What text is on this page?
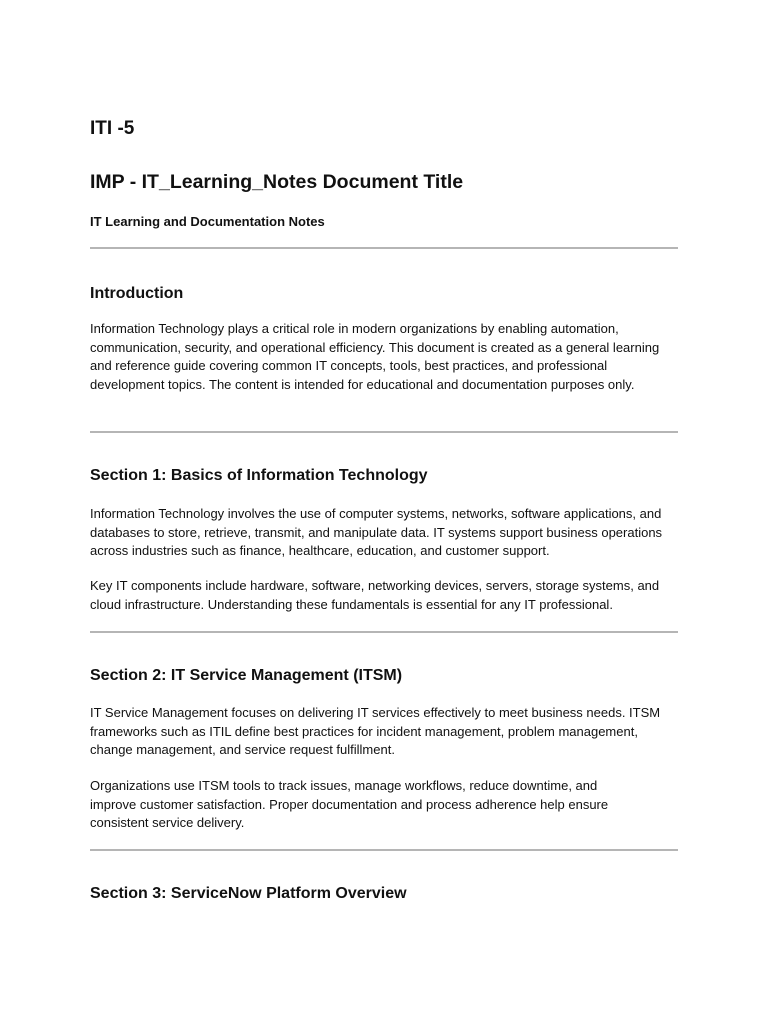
ITI -5
IMP - IT_Learning_Notes Document Title

IT Learning and Documentation Notes

Introduction

Information Technology plays a critical role in modern organizations by enabling automation, communication, security, and operational efficiency. This document is created as a general learning and reference guide covering common IT concepts, tools, best practices, and professional development topics. The content is intended for educational and documentation purposes only.

Section 1: Basics of Information Technology

Information Technology involves the use of computer systems, networks, software applications, and databases to store, retrieve, transmit, and manipulate data. IT systems support business operations across industries such as finance, healthcare, education, and customer support.

Key IT components include hardware, software, networking devices, servers, storage systems, and cloud infrastructure. Understanding these fundamentals is essential for any IT professional.

Section 2: IT Service Management (ITSM)

IT Service Management focuses on delivering IT services effectively to meet business needs. ITSM frameworks such as ITIL define best practices for incident management, problem management, change management, and service request fulfillment.

Organizations use ITSM tools to track issues, manage workflows, reduce downtime, and improve customer satisfaction. Proper documentation and process adherence help ensure consistent service delivery.

Section 3: ServiceNow Platform Overview
